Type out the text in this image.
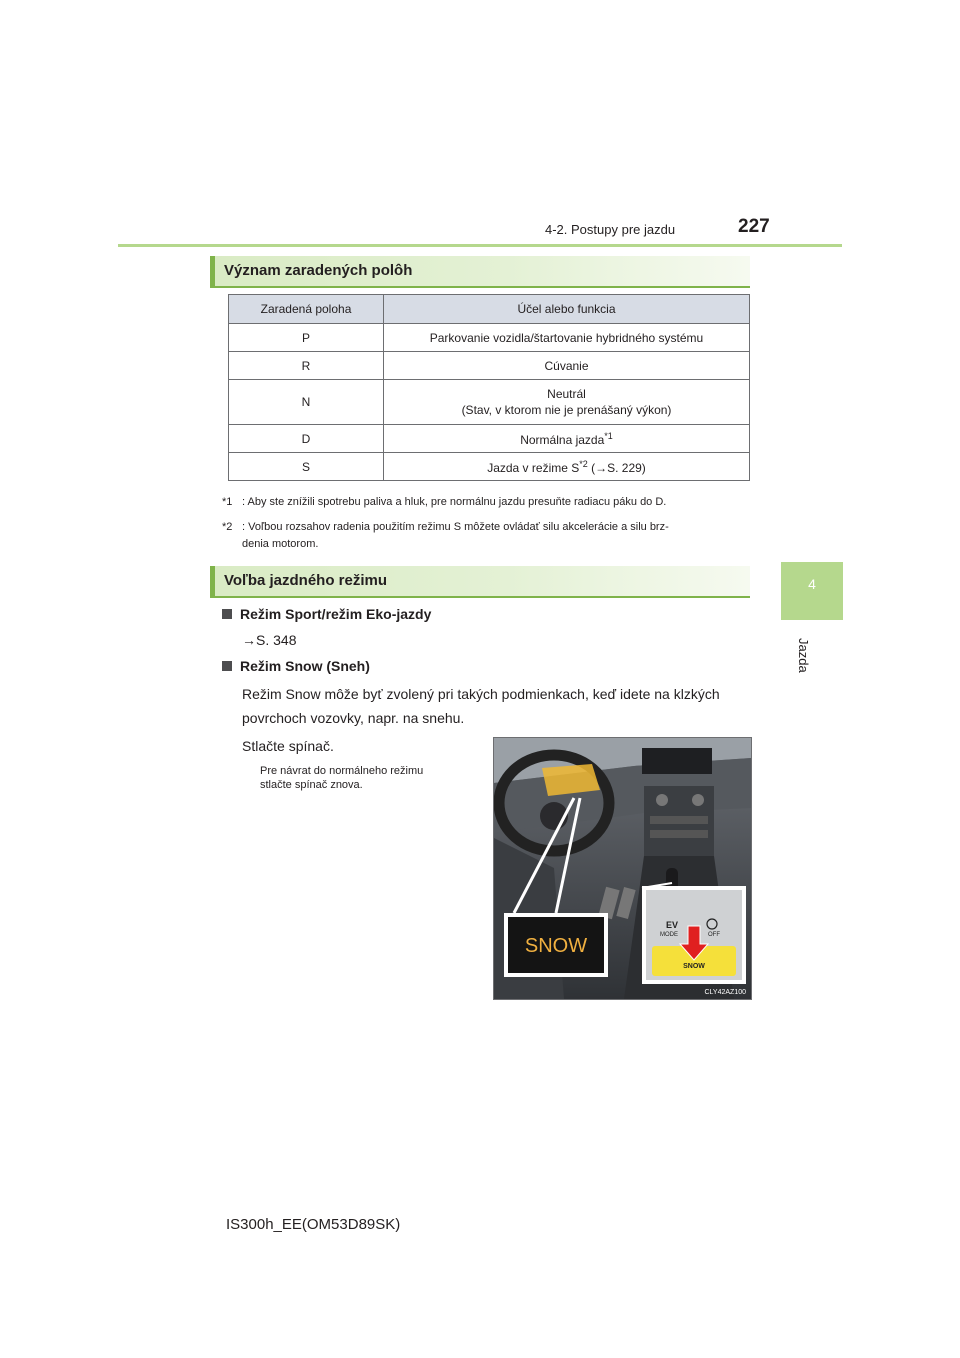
4-2. Postupy pre jazdu	227
4
Jazda
Význam zaradených polôh
Zaradená poloha	Účel alebo funkcia
P	Parkovanie vozidla/štartovanie hybridného systému
R	Cúvanie
N	Neutrál
(Stav, v ktorom nie je prenášaný výkon)

D	Normálna jazda$^{*1}$
S	Jazda v režime $S^{*2}$ (→S. 229)
*1 : Aby ste znížili spotrebu paliva a hluk, pre normálnu jazdu presuňte radiacu páku do D.
*2 : Voľbou rozsahov radenia použitím režimu S môžete ovládať silu akcelerácie a silu brz-
denia motorom.
Voľba jazdného režimu
Režim Sport/režim Eko-jazdy
→S. 348
Režim Snow (Sneh)
Režim Snow môže byť zvolený pri takých podmienkach, keď idete na klzkých
povrchoch vozovky, napr. na snehu.
Stlačte spínač.
Pre návrat do normálneho režimu
stlačte spínač znova.
SNOW
EV
MODE	OFF
SNOW
CLY42AZ100
IS300h_EE(OM53D89SK)
